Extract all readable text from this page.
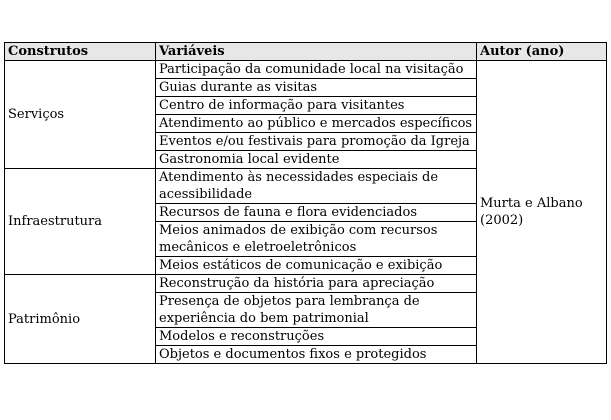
Construtos	Variáveis	Autor (ano)
Serviços	Participação da comunidade local na visitação	Murta e Albano (2002)
	Guias durante as visitas	
	Centro de informação para visitantes	
	Atendimento ao público e mercados específicos	
	Eventos e/ou festivais para promoção da Igreja	
	Gastronomia local evidente	
Infraestrutura	Atendimento às necessidades especiais de acessibilidade	
	Recursos de fauna e flora evidenciados	
	Meios animados de exibição com recursos mecânicos e eletroeletrônicos	
	Meios estáticos de comunicação e exibição	
Patrimônio	Reconstrução da história para apreciação	
	Presença de objetos para lembrança de experiência do bem patrimonial	
	Modelos e reconstruções	
	Objetos e documentos fixos e protegidos	
